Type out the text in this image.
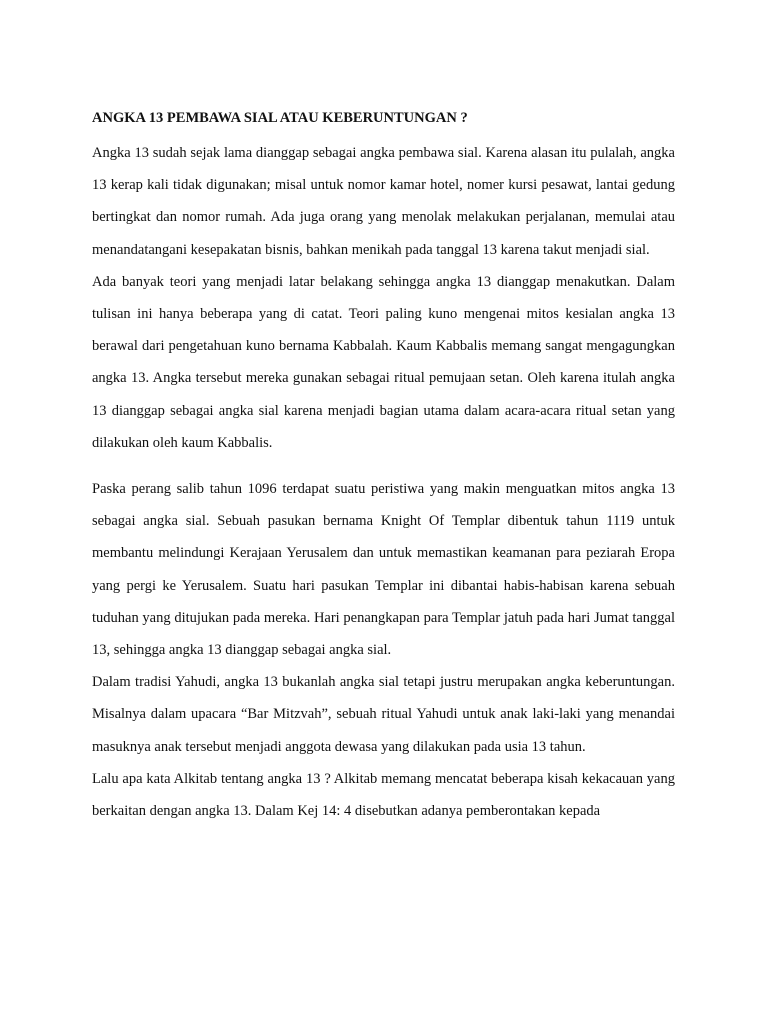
ANGKA 13 PEMBAWA SIAL ATAU KEBERUNTUNGAN ?

Angka 13 sudah sejak lama dianggap sebagai angka pembawa sial. Karena alasan itu pulalah, angka 13 kerap kali tidak digunakan; misal untuk nomor kamar hotel, nomer kursi pesawat, lantai gedung bertingkat dan nomor rumah. Ada juga orang yang menolak melakukan perjalanan, memulai atau menandatangani kesepakatan bisnis, bahkan menikah pada tanggal 13 karena takut menjadi sial.

Ada banyak teori yang menjadi latar belakang sehingga angka 13 dianggap menakutkan. Dalam tulisan ini hanya beberapa yang di catat. Teori paling kuno mengenai mitos kesialan angka 13 berawal dari pengetahuan kuno bernama Kabbalah. Kaum Kabbalis memang sangat mengagungkan angka 13. Angka tersebut mereka gunakan sebagai ritual pemujaan setan. Oleh karena itulah angka 13 dianggap sebagai angka sial karena menjadi bagian utama dalam acara-acara ritual setan yang dilakukan oleh kaum Kabbalis.

Paska perang salib tahun 1096 terdapat suatu peristiwa yang makin menguatkan mitos angka 13 sebagai angka sial. Sebuah pasukan bernama Knight Of Templar dibentuk tahun 1119 untuk membantu melindungi Kerajaan Yerusalem dan untuk memastikan keamanan para peziarah Eropa yang pergi ke Yerusalem. Suatu hari pasukan Templar ini dibantai habis-habisan karena sebuah tuduhan yang ditujukan pada mereka. Hari penangkapan para Templar jatuh pada hari Jumat tanggal 13, sehingga angka 13 dianggap sebagai angka sial.

Dalam tradisi Yahudi, angka 13 bukanlah angka sial tetapi justru merupakan angka keberuntungan. Misalnya dalam upacara “Bar Mitzvah”, sebuah ritual Yahudi untuk anak laki-laki yang menandai masuknya anak tersebut menjadi anggota dewasa yang dilakukan pada usia 13 tahun.

Lalu apa kata Alkitab tentang angka 13 ? Alkitab memang mencatat beberapa kisah kekacauan yang berkaitan dengan angka 13. Dalam Kej 14: 4 disebutkan adanya pemberontakan kepada
